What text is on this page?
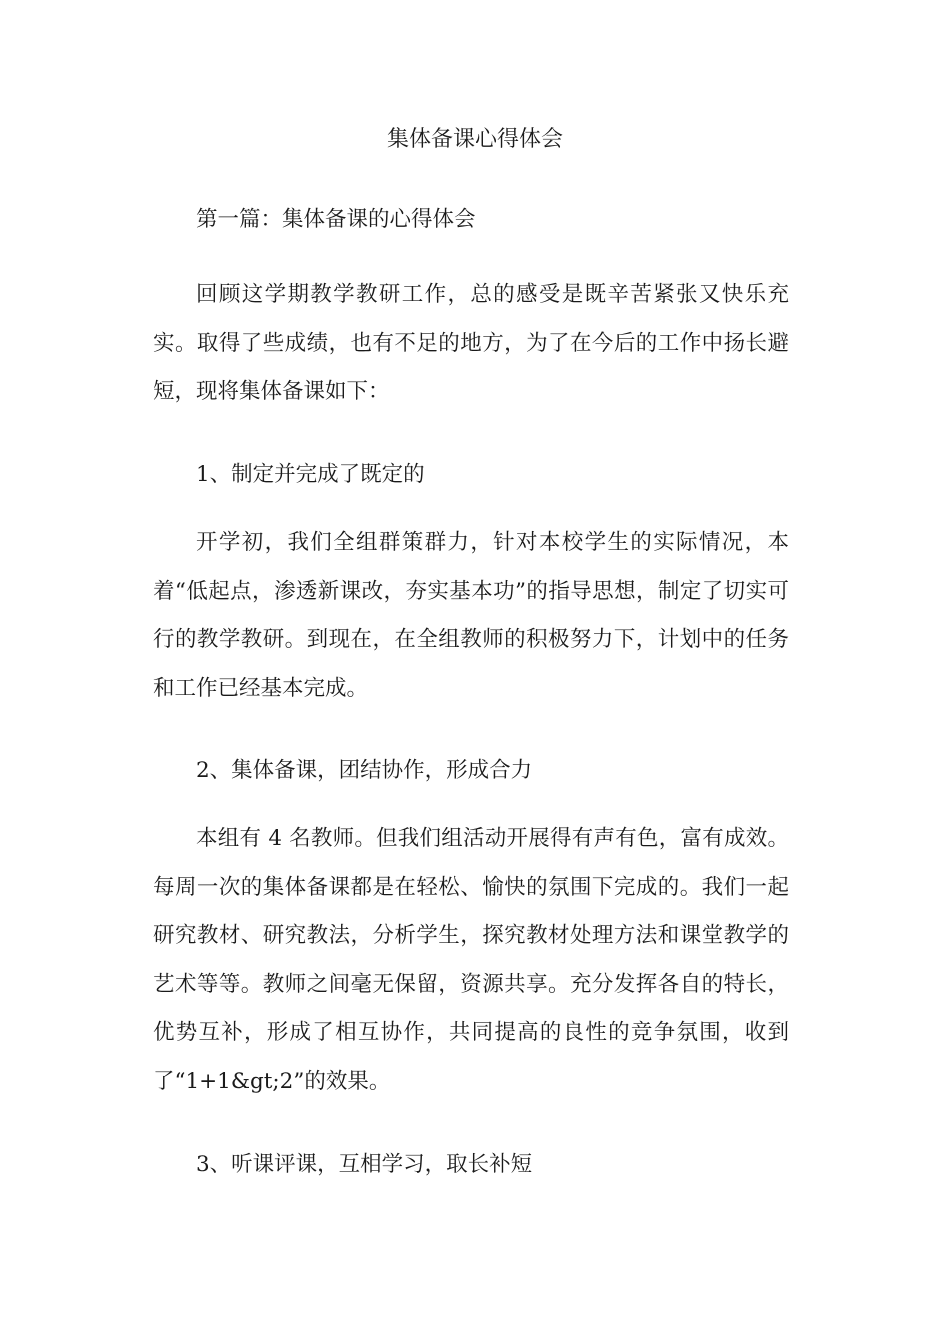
集体备课心得体会

第一篇：集体备课的心得体会

回顾这学期教学教研工作，总的感受是既辛苦紧张又快乐充实。取得了些成绩，也有不足的地方，为了在今后的工作中扬长避短，现将集体备课如下：

1、制定并完成了既定的

开学初，我们全组群策群力，针对本校学生的实际情况，本着“低起点，渗透新课改，夯实基本功”的指导思想，制定了切实可行的教学教研。到现在，在全组教师的积极努力下，计划中的任务和工作已经基本完成。

2、集体备课，团结协作，形成合力

本组有 4 名教师。但我们组活动开展得有声有色，富有成效。每周一次的集体备课都是在轻松、愉快的氛围下完成的。我们一起研究教材、研究教法，分析学生，探究教材处理方法和课堂教学的艺术等等。教师之间毫无保留，资源共享。充分发挥各自的特长，优势互补，形成了相互协作，共同提高的良性的竞争氛围，收到了“1+1&gt;2”的效果。

3、听课评课，互相学习，取长补短
